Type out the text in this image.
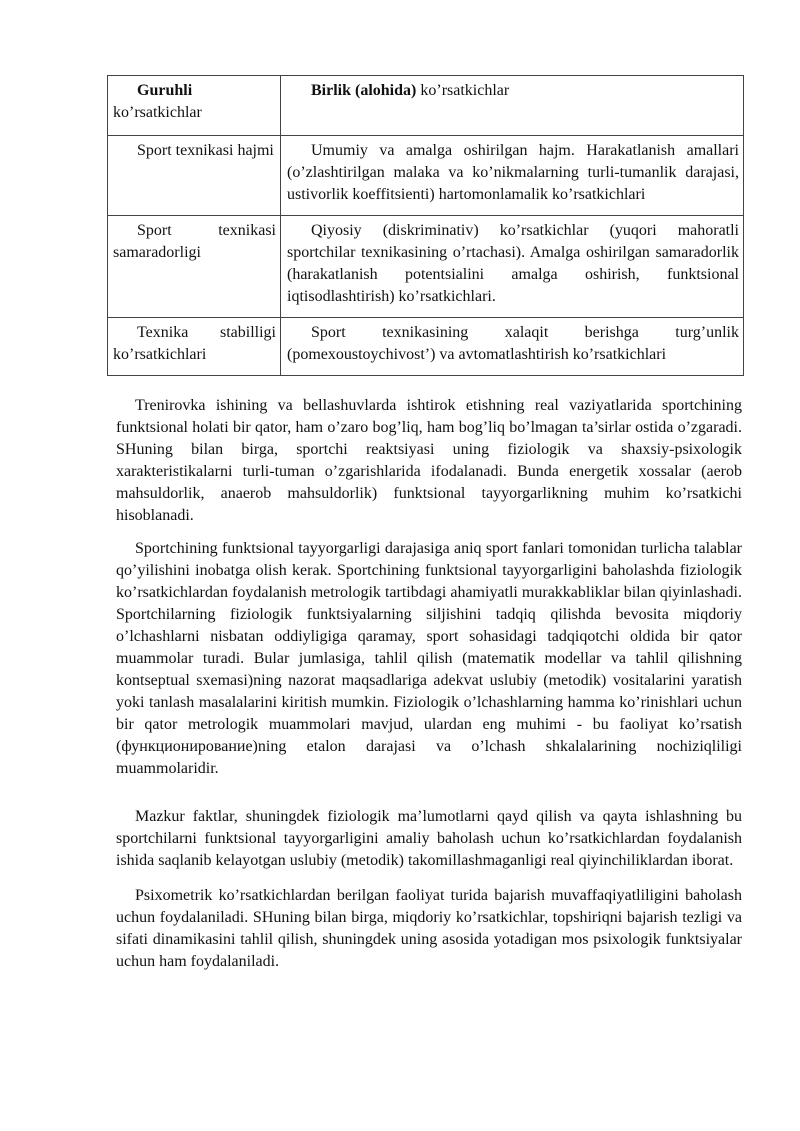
Guruhli
ko’rsatkichlar	Birlik (alohida) ko’rsatkichlar

Sport texnikasi hajmi	Umumiy va amalga oshirilgan hajm. Harakatlanish amallari (o’zlashtirilgan malaka va ko’nikmalarning turli-tumanlik darajasi, ustivorlik koeffitsienti) hartomonlamalik ko’rsatkichlari

Sport texnikasi samaradorligi	Qiyosiy (diskriminativ) ko’rsatkichlar (yuqori mahoratli sportchilar texnikasining o’rtachasi). Amalga oshirilgan samaradorlik (harakatlanish potentsialini amalga oshirish, funktsional iqtisodlashtirish) ko’rsatkichlari.

Texnika stabilligi ko’rsatkichlari	Sport texnikasining xalaqit berishga turg’unlik (pomexoustoychivost’) va avtomatlashtirish ko’rsatkichlari

Trenirovka ishining va bellashuvlarda ishtirok etishning real vaziyatlarida sportchining funktsional holati bir qator, ham o’zaro bog’liq, ham bog’liq bo’lmagan ta’sirlar ostida o’zgaradi. SHuning bilan birga, sportchi reaktsiyasi uning fiziologik va shaxsiy-psixologik xarakteristikalarni turli-tuman o’zgarishlarida ifodalanadi. Bunda energetik xossalar (aerob mahsuldorlik, anaerob mahsuldorlik) funktsional tayyorgarlikning muhim ko’rsatkichi hisoblanadi.

Sportchining funktsional tayyorgarligi darajasiga aniq sport fanlari tomonidan turlicha talablar qo’yilishini inobatga olish kerak. Sportchining funktsional tayyorgarligini baholashda fiziologik ko’rsatkichlardan foydalanish metrologik tartibdagi ahamiyatli murakkabliklar bilan qiyinlashadi. Sportchilarning fiziologik funktsiyalarning siljishini tadqiq qilishda bevosita miqdoriy o’lchashlarni nisbatan oddiyligiga qaramay, sport sohasidagi tadqiqotchi oldida bir qator muammolar turadi. Bular jumlasiga, tahlil qilish (matematik modellar va tahlil qilishning kontseptual sxemasi)ning nazorat maqsadlariga adekvat uslubiy (metodik) vositalarini yaratish yoki tanlash masalalarini kiritish mumkin. Fiziologik o’lchashlarning hamma ko’rinishlari uchun bir qator metrologik muammolari mavjud, ulardan eng muhimi - bu faoliyat ko’rsatish (функционирование)ning etalon darajasi va o’lchash shkalalarining nochiziqliligi muammolaridir.

Mazkur faktlar, shuningdek fiziologik ma’lumotlarni qayd qilish va qayta ishlashning bu sportchilarni funktsional tayyorgarligini amaliy baholash uchun ko’rsatkichlardan foydalanish ishida saqlanib kelayotgan uslubiy (metodik) takomillashmaganligi real qiyinchiliklardan iborat.

Psixometrik ko’rsatkichlardan berilgan faoliyat turida bajarish muvaffaqiyatliligini baholash uchun foydalaniladi. SHuning bilan birga, miqdoriy ko’rsatkichlar, topshiriqni bajarish tezligi va sifati dinamikasini tahlil qilish, shuningdek uning asosida yotadigan mos psixologik funktsiyalar uchun ham foydalaniladi.
